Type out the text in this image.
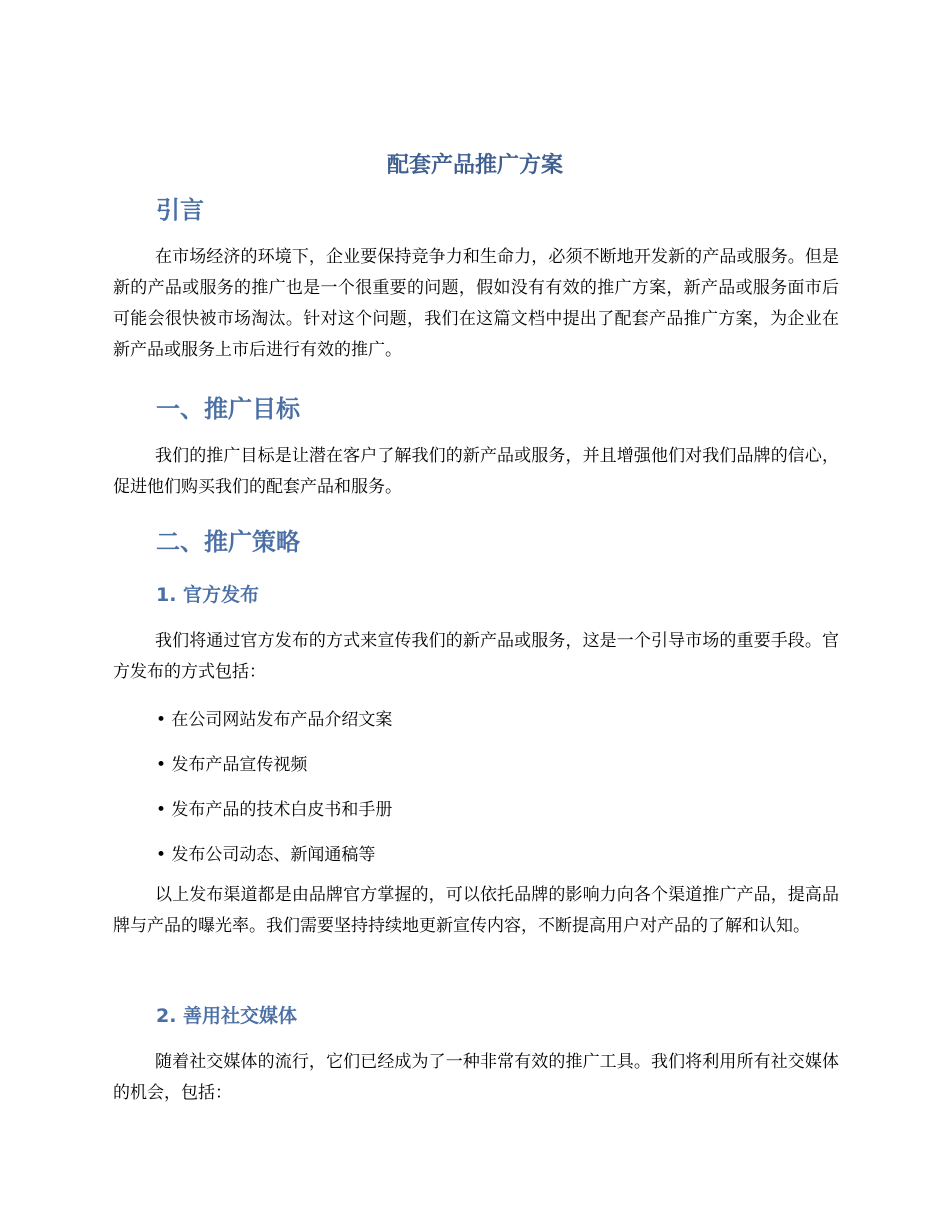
配套产品推广方案
引言

在市场经济的环境下，企业要保持竞争力和生命力，必须不断地开发新的产品或服务。但是新的产品或服务的推广也是一个很重要的问题，假如没有有效的推广方案，新产品或服务面市后可能会很快被市场淘汰。针对这个问题，我们在这篇文档中提出了配套产品推广方案，为企业在新产品或服务上市后进行有效的推广。

一、推广目标

我们的推广目标是让潜在客户了解我们的新产品或服务，并且增强他们对我们品牌的信心，促进他们购买我们的配套产品和服务。

二、推广策略
1. 官方发布

我们将通过官方发布的方式来宣传我们的新产品或服务，这是一个引导市场的重要手段。官方发布的方式包括：

• 在公司网站发布产品介绍文案

• 发布产品宣传视频

• 发布产品的技术白皮书和手册

• 发布公司动态、新闻通稿等

以上发布渠道都是由品牌官方掌握的，可以依托品牌的影响力向各个渠道推广产品，提高品牌与产品的曝光率。我们需要坚持持续地更新宣传内容，不断提高用户对产品的了解和认知。

2. 善用社交媒体

随着社交媒体的流行，它们已经成为了一种非常有效的推广工具。我们将利用所有社交媒体的机会，包括：
